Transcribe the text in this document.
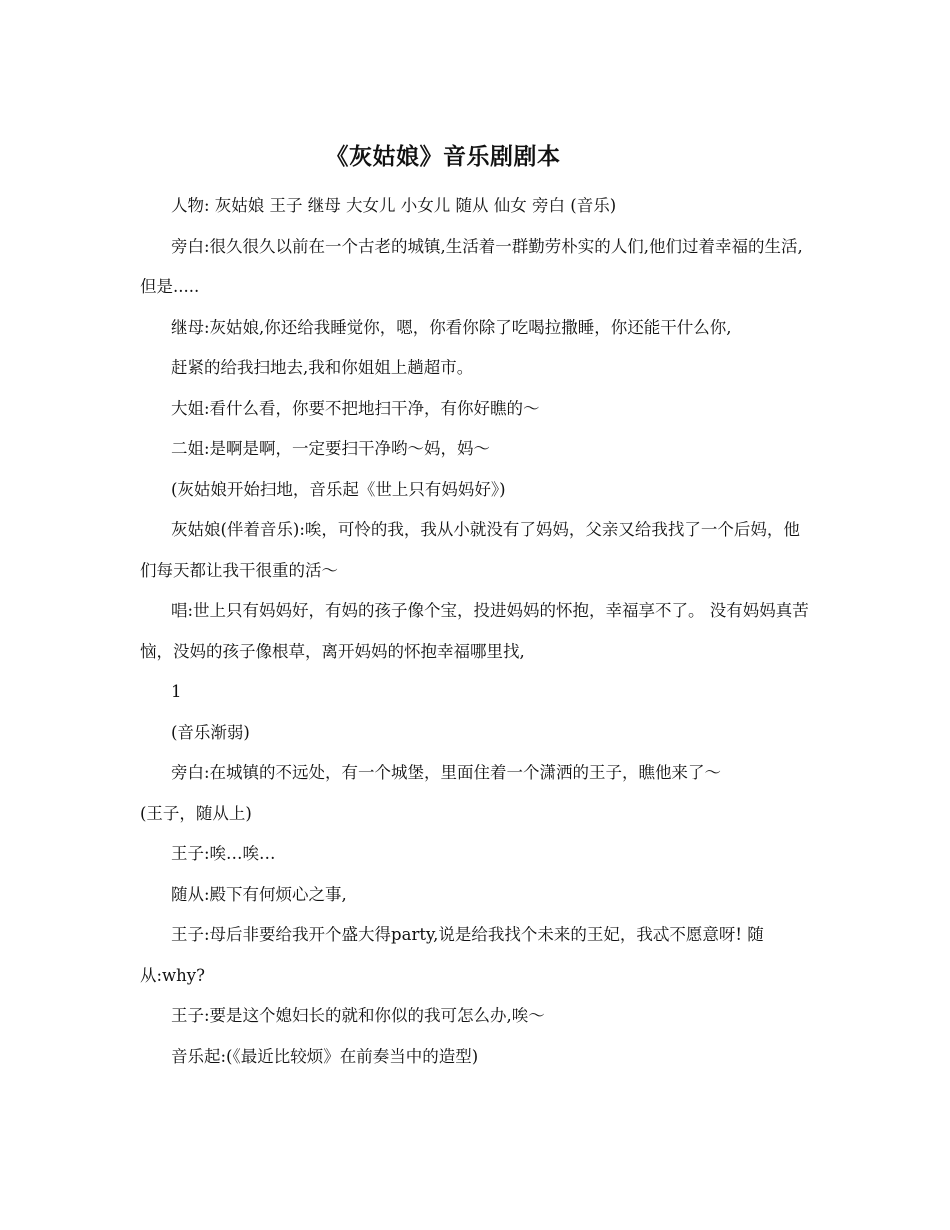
《灰姑娘》音乐剧剧本

人物: 灰姑娘 王子 继母 大女儿 小女儿 随从 仙女 旁白 (音乐)

旁白:很久很久以前在一个古老的城镇,生活着一群勤劳朴实的人们,他们过着幸福的生活,但是.....

继母:灰姑娘,你还给我睡觉你，嗯，你看你除了吃喝拉撒睡，你还能干什么你,

赶紧的给我扫地去,我和你姐姐上趟超市。

大姐:看什么看，你要不把地扫干净，有你好瞧的～

二姐:是啊是啊，一定要扫干净哟～妈，妈～

(灰姑娘开始扫地，音乐起《世上只有妈妈好》)

灰姑娘(伴着音乐):唉，可怜的我，我从小就没有了妈妈，父亲又给我找了一个后妈，他们每天都让我干很重的活～

唱:世上只有妈妈好，有妈的孩子像个宝，投进妈妈的怀抱，幸福享不了。 没有妈妈真苦恼，没妈的孩子像根草，离开妈妈的怀抱幸福哪里找,

1

(音乐渐弱)

旁白:在城镇的不远处，有一个城堡，里面住着一个潇洒的王子，瞧他来了～

(王子，随从上)

王子:唉…唉…

随从:殿下有何烦心之事,

王子:母后非要给我开个盛大得party,说是给我找个未来的王妃，我忒不愿意呀! 随从:why?

王子:要是这个媳妇长的就和你似的我可怎么办,唉～

音乐起:(《最近比较烦》在前奏当中的造型)
